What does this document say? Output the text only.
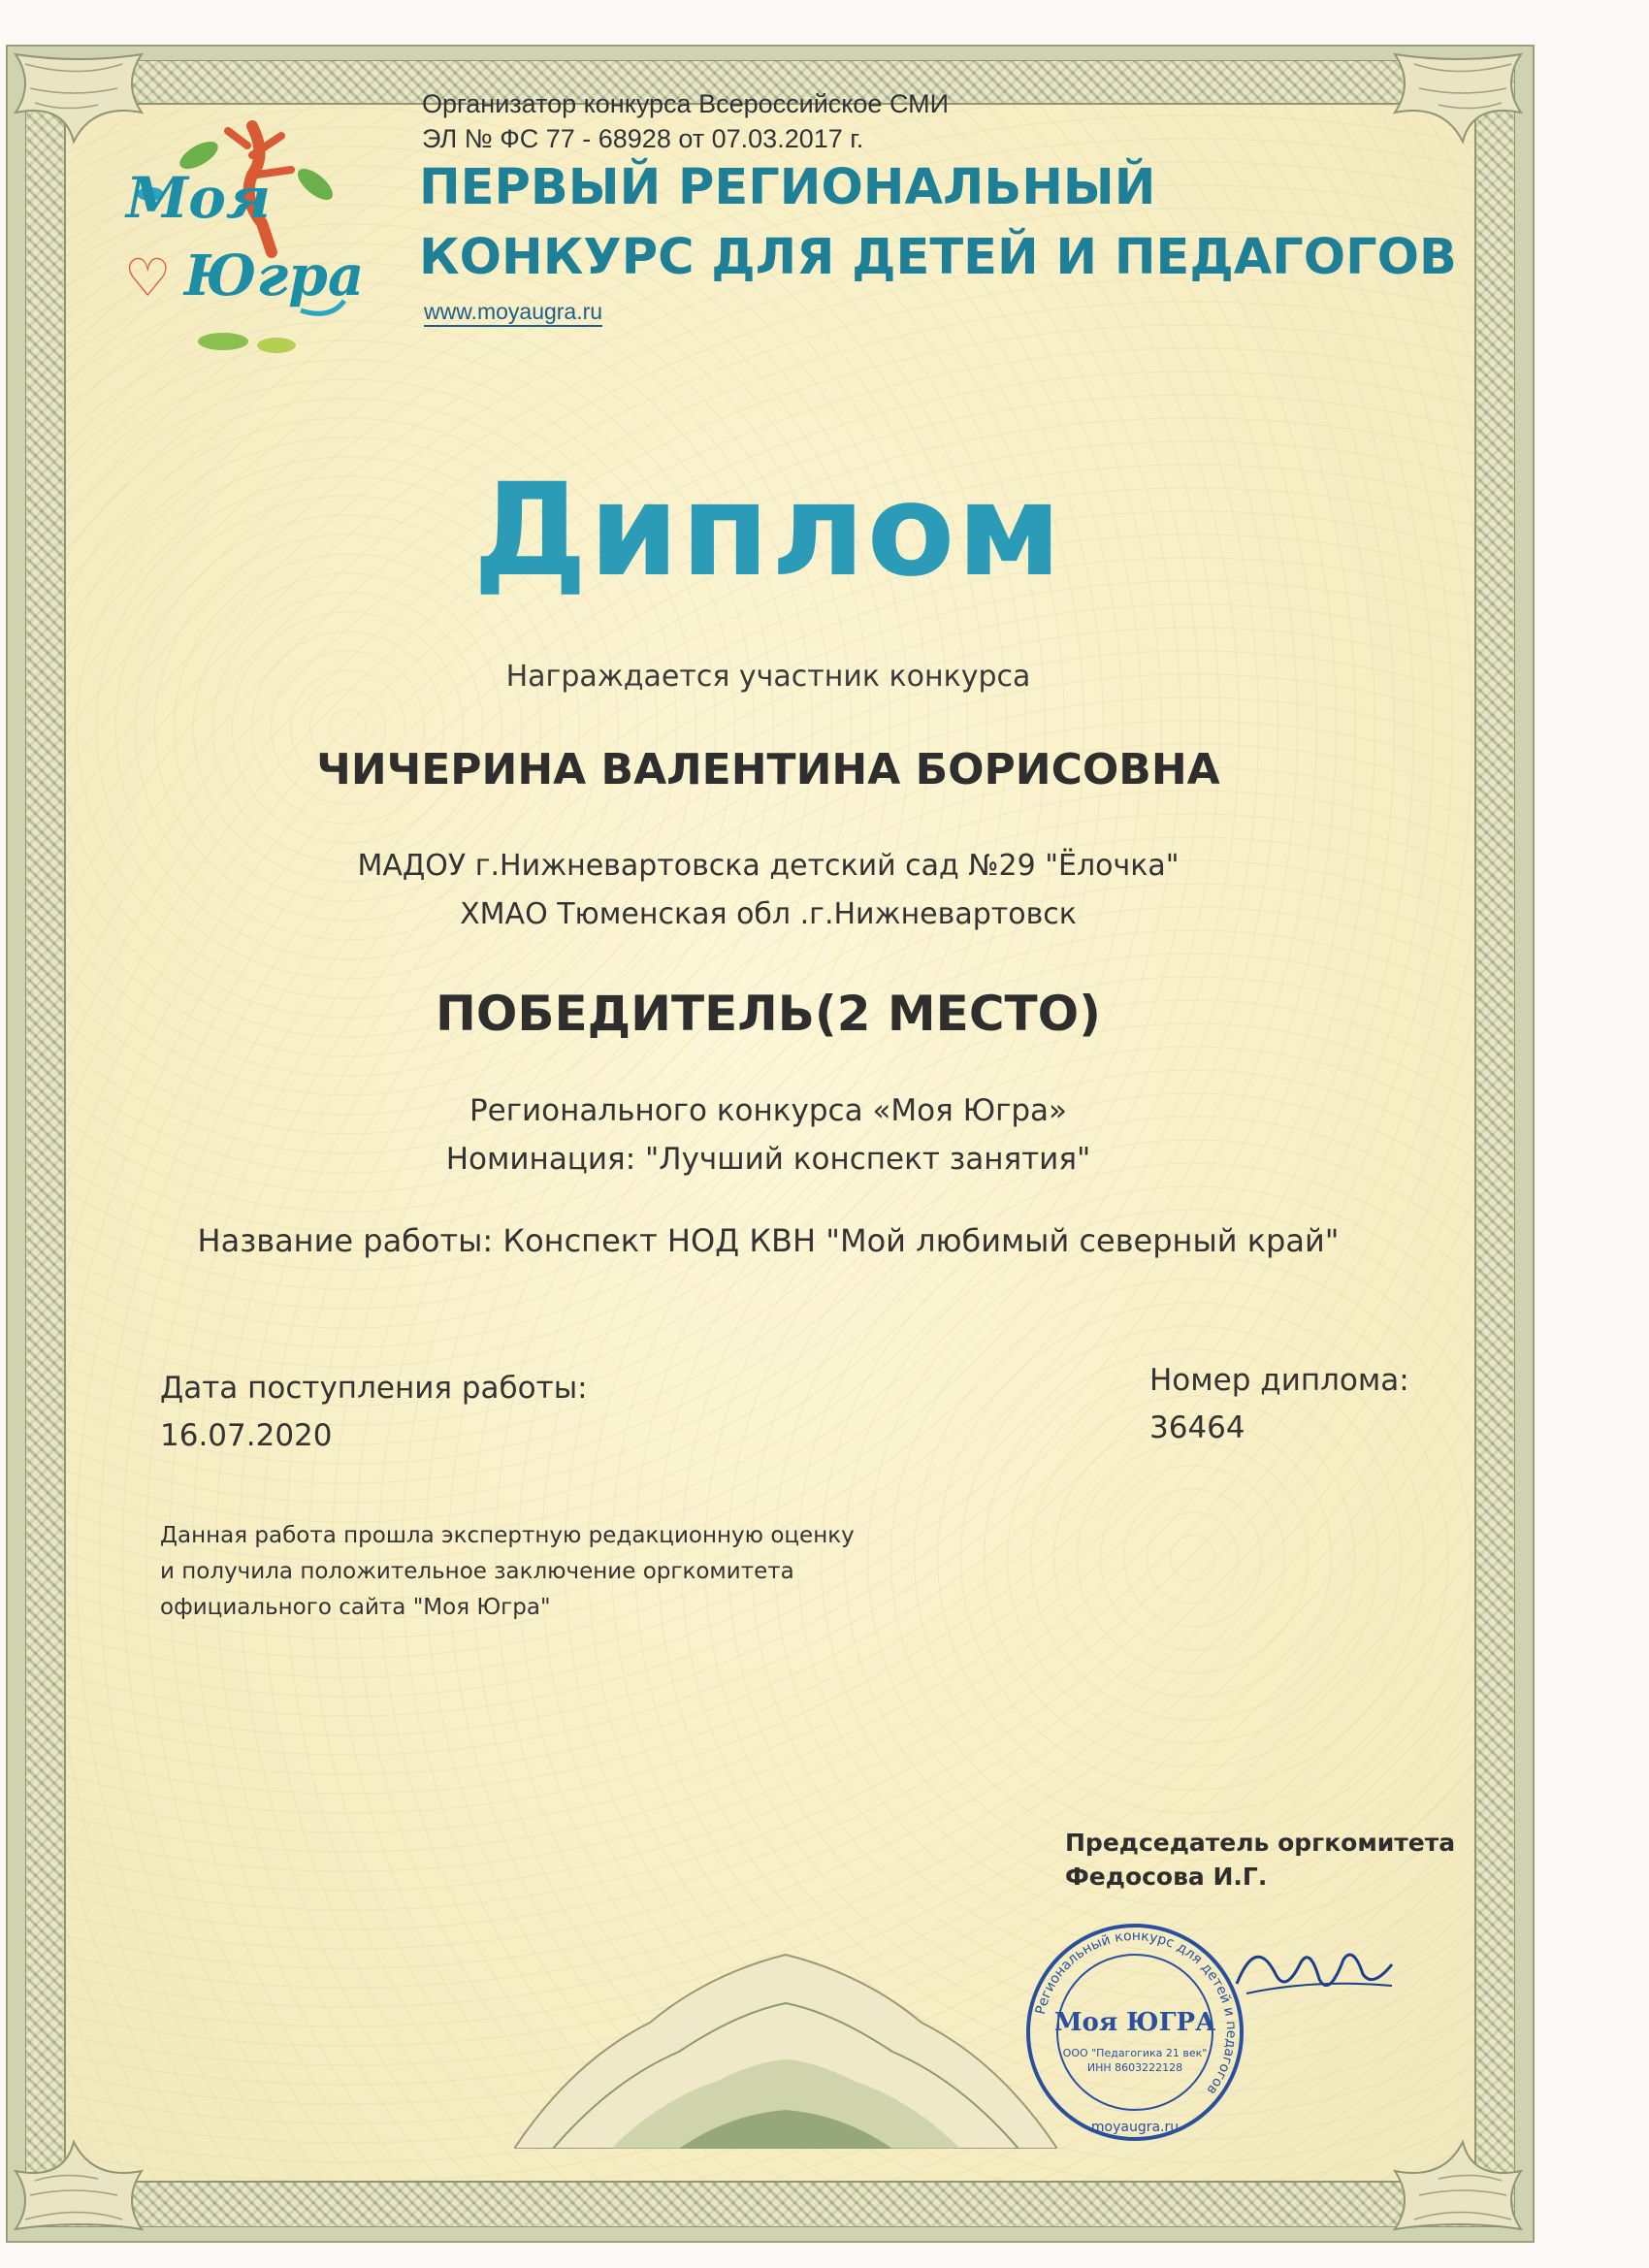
Моя
♡ Югра
Организатор конкурса Всероссийское СМИ
ЭЛ № ФС 77 - 68928 от 07.03.2017 г.
ПЕРВЫЙ РЕГИОНАЛЬНЫЙ
КОНКУРС ДЛЯ ДЕТЕЙ И ПЕДАГОГОВ
www.moyaugra.ru
Диплом
Награждается участник конкурса
ЧИЧЕРИНА ВАЛЕНТИНА БОРИСОВНА
МАДОУ г.Нижневартовска детский сад №29 "Ёлочка"
ХМАО Тюменская обл .г.Нижневартовск
ПОБЕДИТЕЛЬ(2 МЕСТО)
Регионального конкурса «Моя Югра»
Номинация: "Лучший конспект занятия"
Название работы: Конспект НОД КВН "Мой любимый северный край"
Дата поступления работы:
16.07.2020
Номер диплома:
36464
Данная работа прошла экспертную редакционную оценку
и получила положительное заключение оргкомитета
официального сайта "Моя Югра"
Председатель оргкомитета
Федосова И.Г.
Региональный конкурс для детей и педагогов
Моя ЮГРА
ООО "Педагогика 21 век"
ИНН 8603222128
moyaugra.ru
